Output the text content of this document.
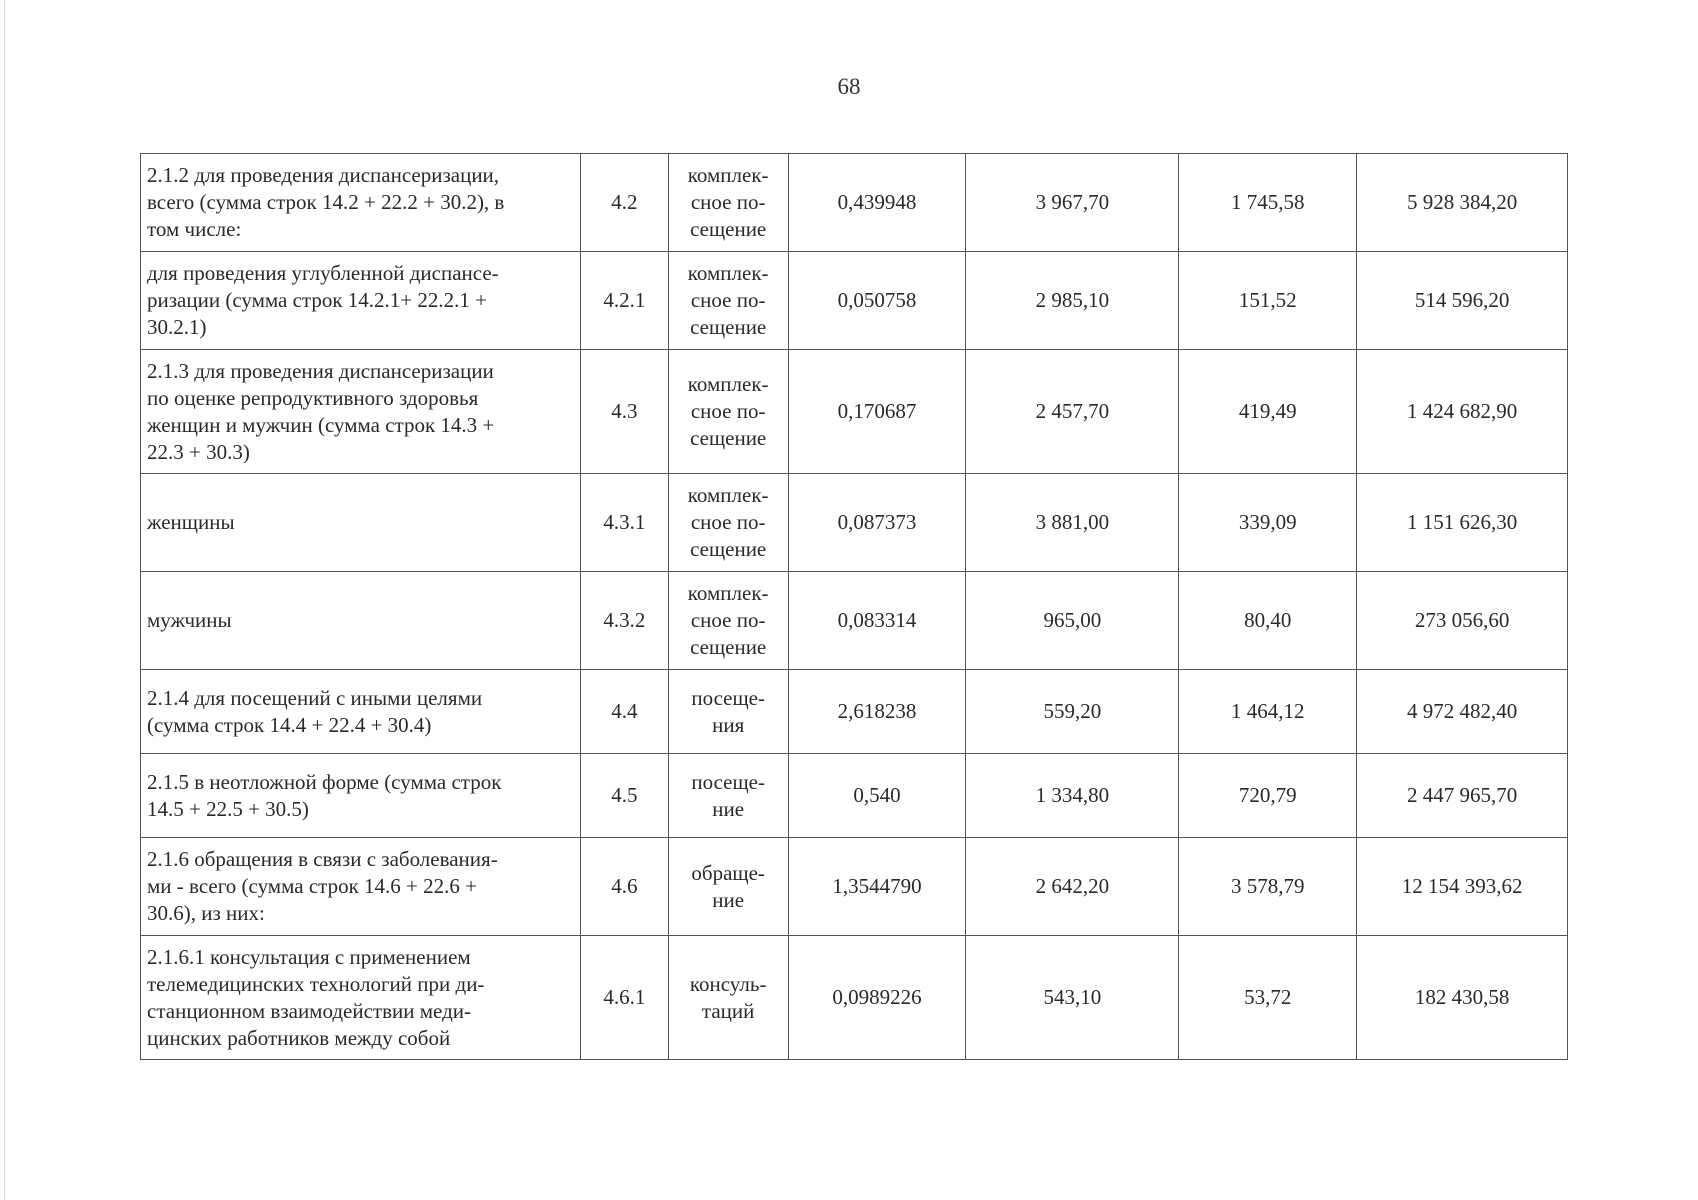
68
2.1.2 для проведения диспансеризации,
всего (сумма строк 14.2 + 22.2 + 30.2), в
том числе:	4.2	комплек-
сное по-
сещение	0,439948	3 967,70	1 745,58	5 928 384,20

для проведения углубленной диспансе-
ризации (сумма строк 14.2.1+ 22.2.1 +
30.2.1)	4.2.1	комплек-
сное по-
сещение	0,050758	2 985,10	151,52	514 596,20

2.1.3 для проведения диспансеризации
по оценке репродуктивного здоровья
женщин и мужчин (сумма строк 14.3 +
22.3 + 30.3)	4.3	комплек-
сное по-
сещение	0,170687	2 457,70	419,49	1 424 682,90

женщины	4.3.1	комплек-
сное по-
сещение	0,087373	3 881,00	339,09	1 151 626,30

мужчины	4.3.2	комплек-
сное по-
сещение	0,083314	965,00	80,40	273 056,60

2.1.4 для посещений с иными целями
(сумма строк 14.4 + 22.4 + 30.4)	4.4	посеще-
ния	2,618238	559,20	1 464,12	4 972 482,40

2.1.5 в неотложной форме (сумма строк
14.5 + 22.5 + 30.5)	4.5	посеще-
ние	0,540	1 334,80	720,79	2 447 965,70

2.1.6 обращения в связи с заболевания-
ми - всего (сумма строк 14.6 + 22.6 +
30.6), из них:	4.6	обраще-
ние	1,3544790	2 642,20	3 578,79	12 154 393,62

2.1.6.1 консультация с применением
телемедицинских технологий при ди-
станционном взаимодействии меди-
цинских работников между собой	4.6.1	консуль-
таций	0,0989226	543,10	53,72	182 430,58
